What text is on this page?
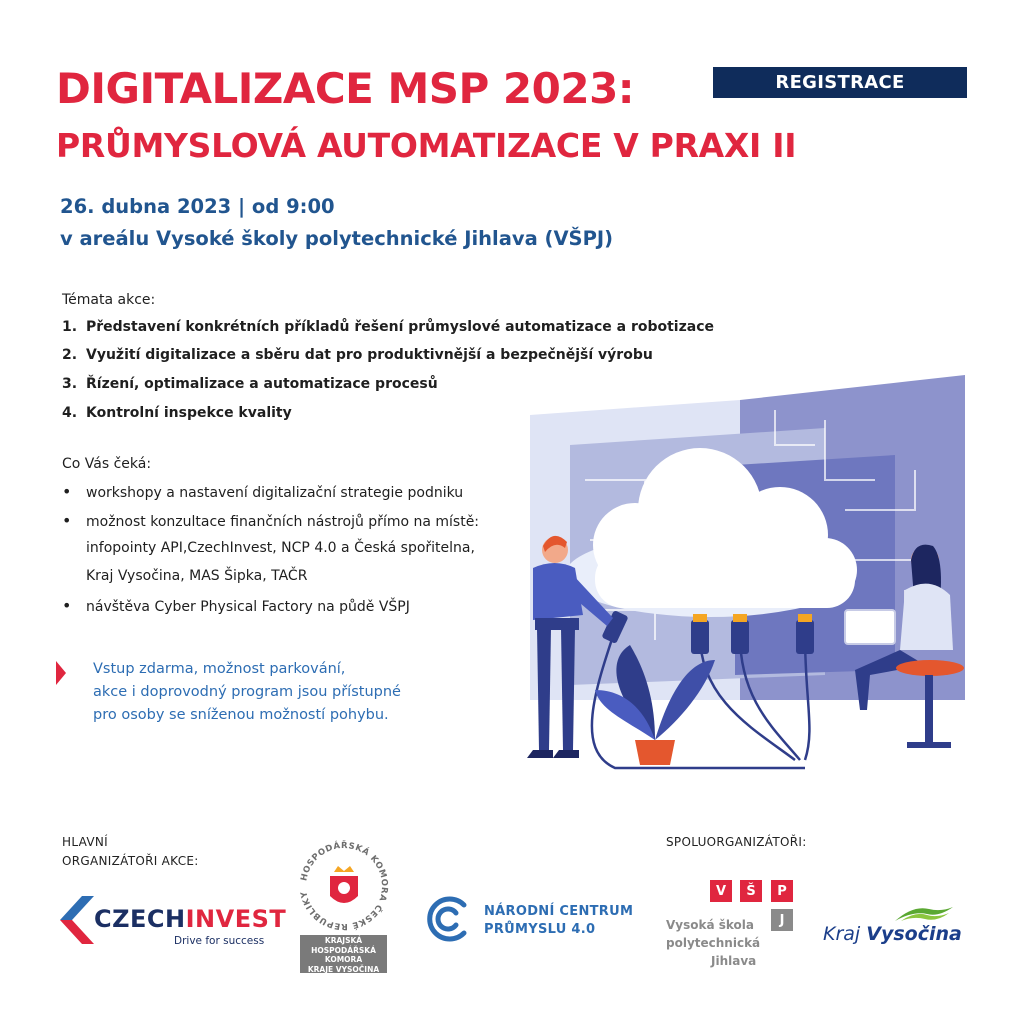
DIGITALIZACE MSP 2023:
PRŮMYSLOVÁ AUTOMATIZACE V PRAXI II
REGISTRACE
26. dubna 2023 | od 9:00
v areálu Vysoké školy polytechnické Jihlava (VŠPJ)
Témata akce:
1. Představení konkrétních příkladů řešení průmyslové automatizace a robotizace
2. Využití digitalizace a sběru dat pro produktivnější a bezpečnější výrobu
3. Řízení, optimalizace a automatizace procesů
4. Kontrolní inspekce kvality
Co Vás čeká:
• workshopy a nastavení digitalizační strategie podniku
• možnost konzultace finančních nástrojů přímo na místě:
infopointy API,CzechInvest, NCP 4.0 a Česká spořitelna,
Kraj Vysočina, MAS Šipka, TAČR
• návštěva Cyber Physical Factory na půdě VŠPJ
Vstup zdarma, možnost parkování,
akce i doprovodný program jsou přístupné
pro osoby se sníženou možností pohybu.
HLAVNÍ
ORGANIZÁTOŘI AKCE:
SPOLUORGANIZÁTOŘI:
CZECHINVEST
Drive for success
HOSPODÁŘSKÁ KOMORA ČESKÉ REPUBLIKY
KRAJSKÁ
HOSPODÁŘSKÁ
KOMORA
KRAJE VYSOČINA
NÁRODNÍ CENTRUM
PRŮMYSLU 4.0
V	Š	P
J
Vysoká škola
polytechnická
Jihlava
Kraj Vysočina
